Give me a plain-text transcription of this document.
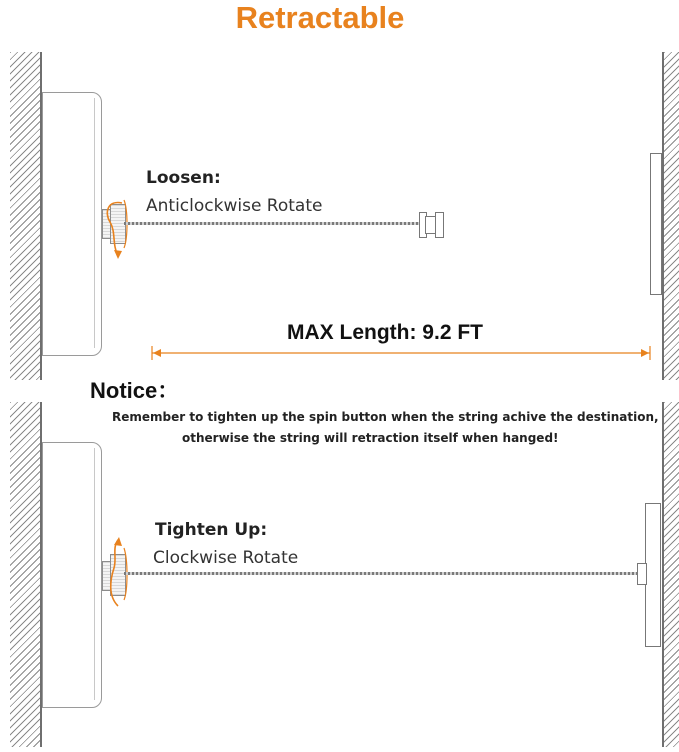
Retractable
Loosen:
Anticlockwise Rotate
MAX Length: 9.2 FT
Notice：
Remember to tighten up the spin button when the string achive the destination,
otherwise the string will retraction itself when hanged!
Tighten Up:
Clockwise Rotate
